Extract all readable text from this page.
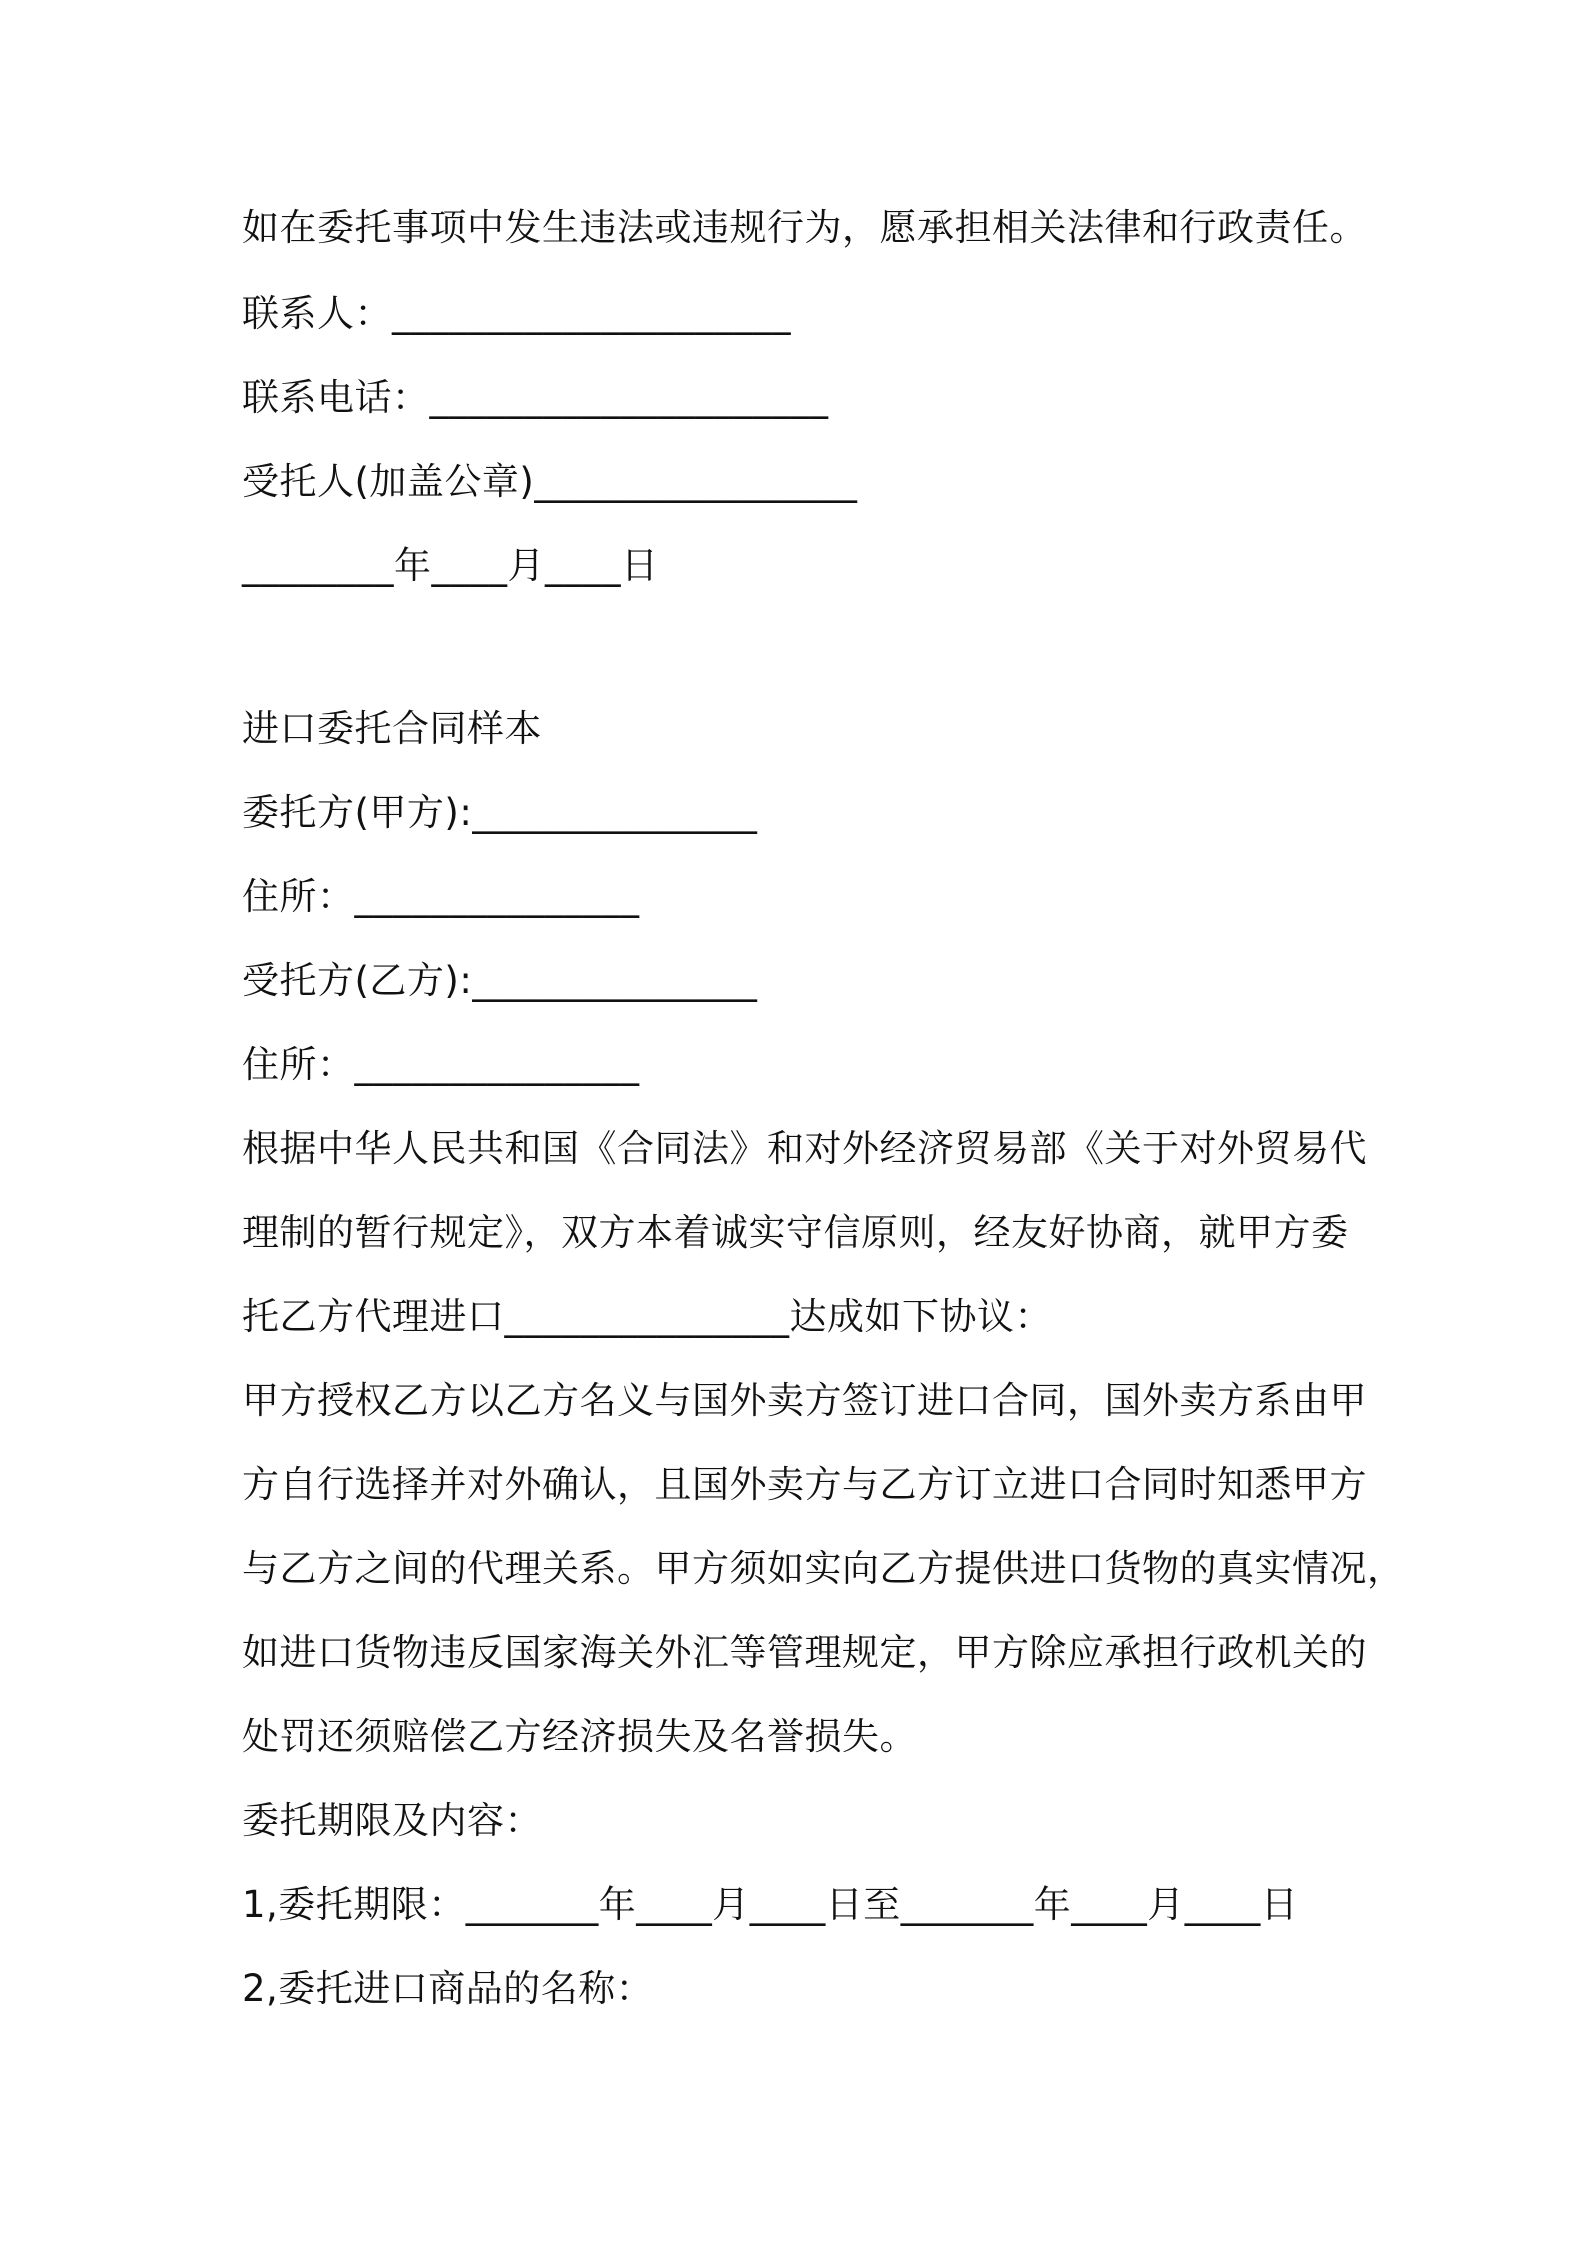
如在委托事项中发生违法或违规行为，愿承担相关法律和行政责任。
联系人：_____________________
联系电话：_____________________
受托人(加盖公章)_________________
________年____月____日
进口委托合同样本
委托方(甲方):_______________
住所：_______________
受托方(乙方):_______________
住所：_______________
根据中华人民共和国《合同法》和对外经济贸易部《关于对外贸易代
理制的暂行规定》，双方本着诚实守信原则，经友好协商，就甲方委
托乙方代理进口_______________达成如下协议：
甲方授权乙方以乙方名义与国外卖方签订进口合同，国外卖方系由甲
方自行选择并对外确认，且国外卖方与乙方订立进口合同时知悉甲方
与乙方之间的代理关系。甲方须如实向乙方提供进口货物的真实情况，
如进口货物违反国家海关外汇等管理规定，甲方除应承担行政机关的
处罚还须赔偿乙方经济损失及名誉损失。
委托期限及内容：
1,委托期限：_______年____月____日至_______年____月____日
2,委托进口商品的名称：
